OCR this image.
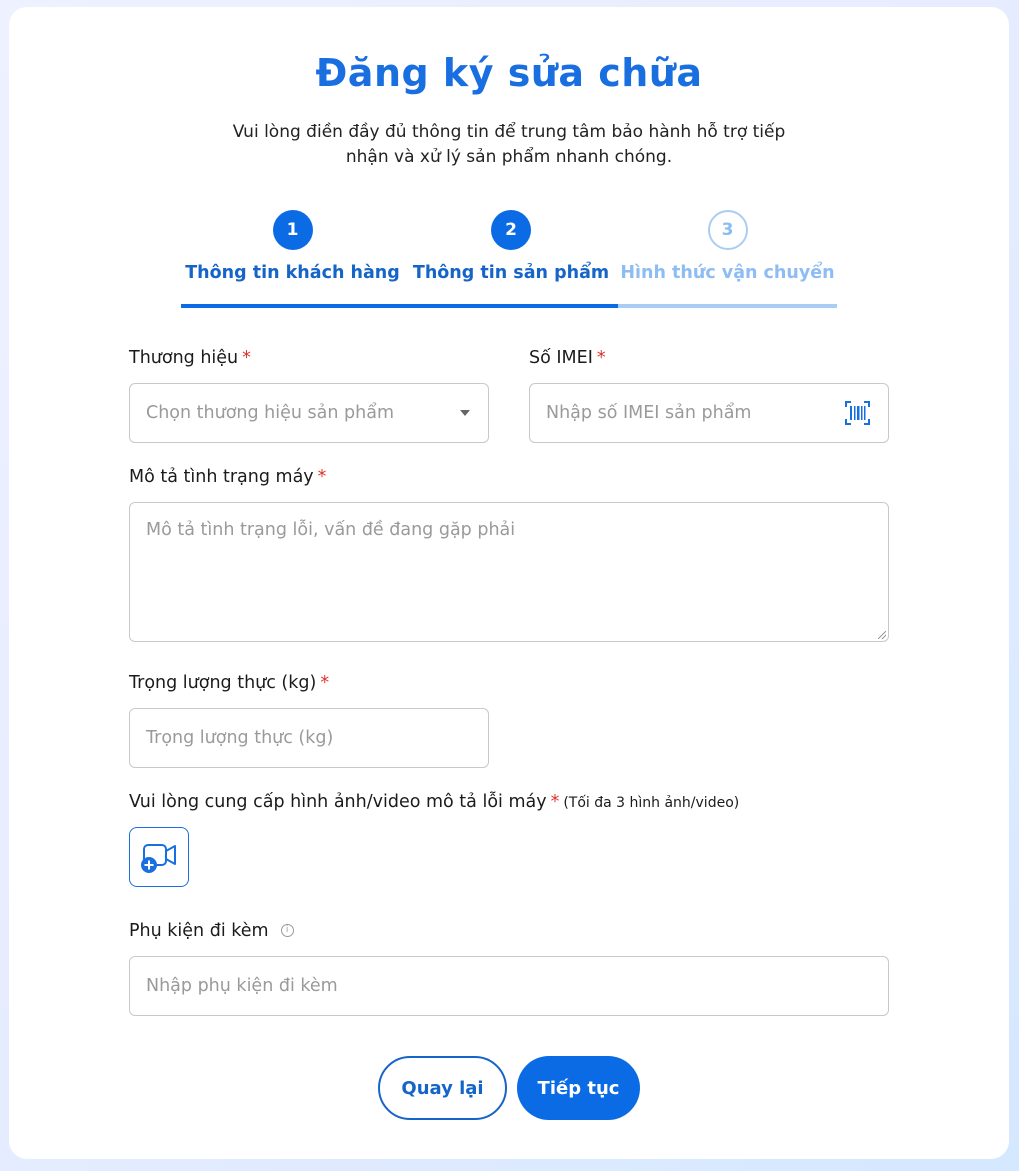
Đăng ký sửa chữa

Vui lòng điền đầy đủ thông tin để trung tâm bảo hành hỗ trợ tiếp
nhận và xử lý sản phẩm nhanh chóng.

1
Thông tin khách hàng
2
Thông tin sản phẩm
3
Hình thức vận chuyển
Thương hiệu *
Chọn thương hiệu sản phẩm
Số IMEI *
Nhập số IMEI sản phẩm
Mô tả tình trạng máy *
Mô tả tình trạng lỗi, vấn đề đang gặp phải
Trọng lượng thực (kg) *
Trọng lượng thực (kg)
Vui lòng cung cấp hình ảnh/video mô tả lỗi máy * (Tối đa 3 hình ảnh/video)
Phụ kiện đi kèm i
Nhập phụ kiện đi kèm
Quay lại	Tiếp tục
